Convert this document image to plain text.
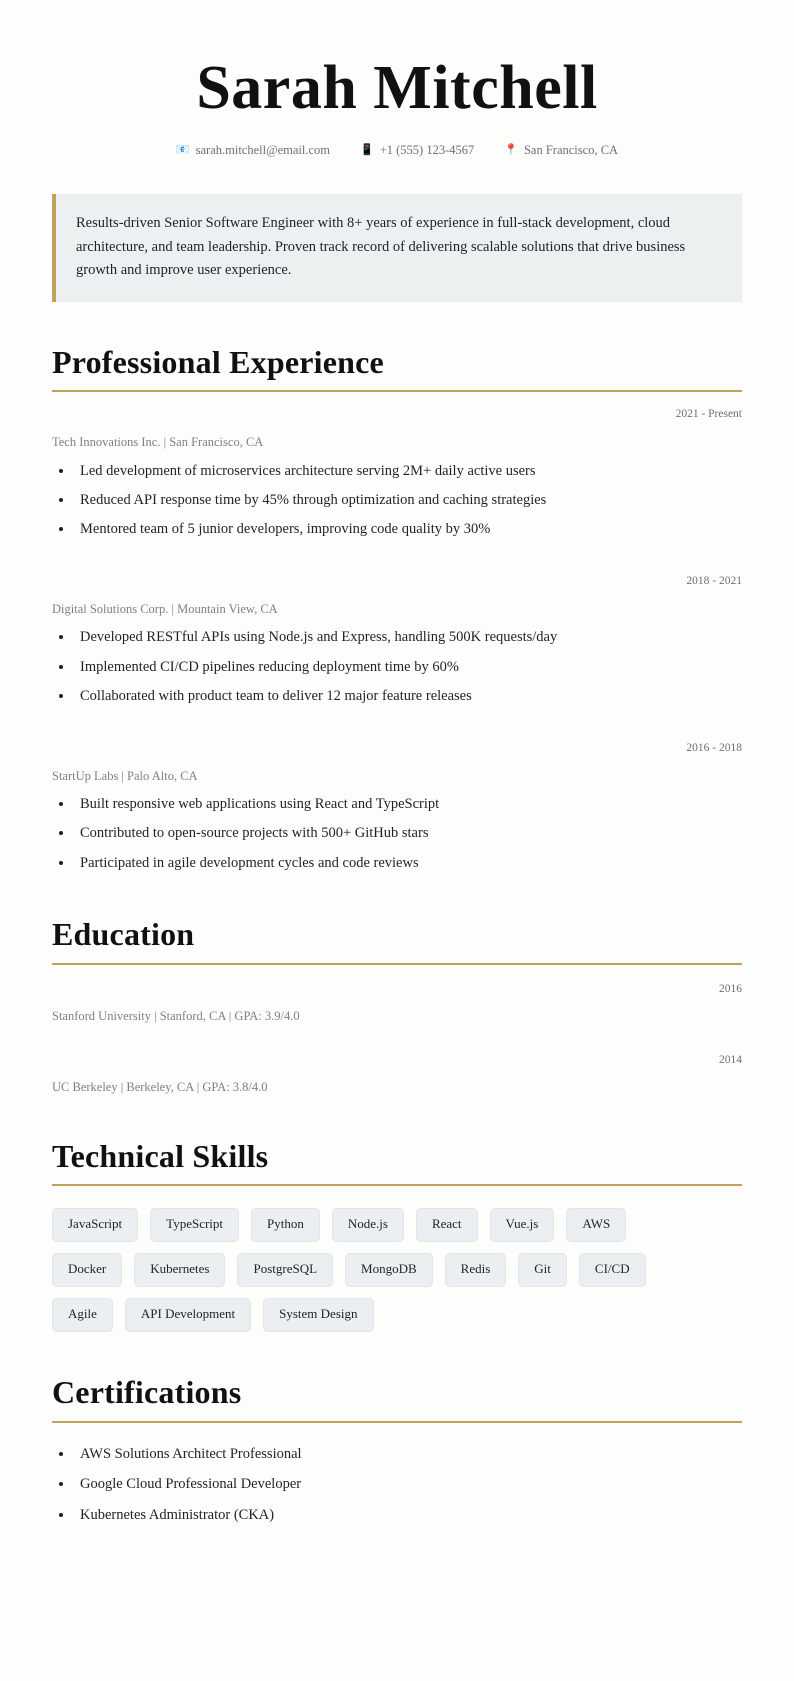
Sarah Mitchell
📧 sarah.mitchell@email.com	📱 +1 (555) 123-4567	📍 San Francisco, CA
Results-driven Senior Software Engineer with 8+ years of experience in full-stack development, cloud architecture, and team leadership. Proven track record of delivering scalable solutions that drive business growth and improve user experience.
Professional Experience
2021 - Present
Tech Innovations Inc. | San Francisco, CA
• Led development of microservices architecture serving 2M+ daily active users
• Reduced API response time by 45% through optimization and caching strategies
• Mentored team of 5 junior developers, improving code quality by 30%
2018 - 2021
Digital Solutions Corp. | Mountain View, CA
• Developed RESTful APIs using Node.js and Express, handling 500K requests/day
• Implemented CI/CD pipelines reducing deployment time by 60%
• Collaborated with product team to deliver 12 major feature releases
2016 - 2018
StartUp Labs | Palo Alto, CA
• Built responsive web applications using React and TypeScript
• Contributed to open-source projects with 500+ GitHub stars
• Participated in agile development cycles and code reviews
Education
2016
Stanford University | Stanford, CA | GPA: 3.9/4.0
2014
UC Berkeley | Berkeley, CA | GPA: 3.8/4.0
Technical Skills
JavaScript	TypeScript	Python	Node.js	React	Vue.js	AWS
Docker	Kubernetes	PostgreSQL	MongoDB	Redis	Git	CI/CD
Agile	API Development	System Design
Certifications
• AWS Solutions Architect Professional
• Google Cloud Professional Developer
• Kubernetes Administrator (CKA)
